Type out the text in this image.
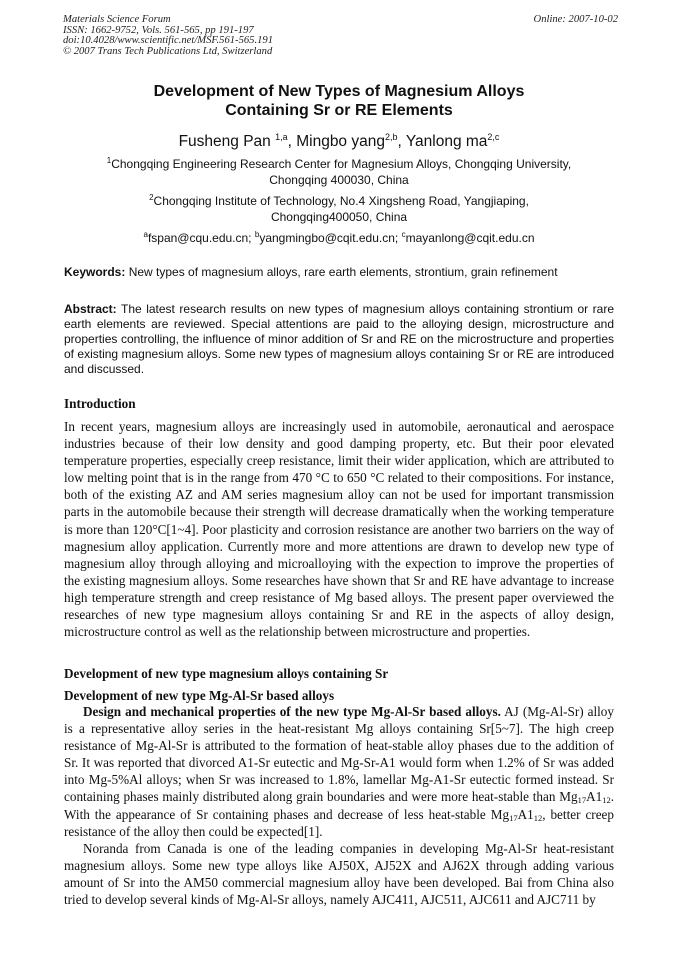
Materials Science Forum
ISSN: 1662-9752, Vols. 561-565, pp 191-197
doi:10.4028/www.scientific.net/MSF.561-565.191
© 2007 Trans Tech Publications Ltd, Switzerland
Online: 2007-10-02
Development of New Types of Magnesium Alloys
Containing Sr or RE Elements
Fusheng Pan $^{1,a}$, Mingbo yang$^{2,b}$, Yanlong ma$^{2,c}$
$^1$Chongqing Engineering Research Center for Magnesium Alloys, Chongqing University,
Chongqing 400030, China
$^2$Chongqing Institute of Technology, No.4 Xingsheng Road, Yangjiaping,
Chongqing400050, China
$^a$fspan@cqu.edu.cn; $^b$yangmingbo@cqit.edu.cn; $^c$mayanlong@cqit.edu.cn
Keywords: New types of magnesium alloys, rare earth elements, strontium, grain refinement
Abstract: The latest research results on new types of magnesium alloys containing strontium or rare earth elements are reviewed. Special attentions are paid to the alloying design, microstructure and properties controlling, the influence of minor addition of Sr and RE on the microstructure and properties of existing magnesium alloys. Some new types of magnesium alloys containing Sr or RE are introduced and discussed.
Introduction

In recent years, magnesium alloys are increasingly used in automobile, aeronautical and aerospace industries because of their low density and good damping property, etc. But their poor elevated temperature properties, especially creep resistance, limit their wider application, which are attributed to low melting point that is in the range from 470 °C to 650 °C related to their compositions. For instance, both of the existing AZ and AM series magnesium alloy can not be used for important transmission parts in the automobile because their strength will decrease dramatically when the working temperature is more than 120°C[1~4]. Poor plasticity and corrosion resistance are another two barriers on the way of magnesium alloy application. Currently more and more attentions are drawn to develop new type of magnesium alloy through alloying and microalloying with the expection to improve the properties of the existing magnesium alloys. Some researches have shown that Sr and RE have advantage to increase high temperature strength and creep resistance of Mg based alloys. The present paper overviewed the researches of new type magnesium alloys containing Sr and RE in the aspects of alloy design, microstructure control as well as the relationship between microstructure and properties.

Development of new type magnesium alloys containing Sr
Development of new type Mg-Al-Sr based alloys

Design and mechanical properties of the new type Mg-Al-Sr based alloys. AJ (Mg-Al-Sr) alloy is a representative alloy series in the heat-resistant Mg alloys containing Sr[5~7]. The high creep resistance of Mg-Al-Sr is attributed to the formation of heat-stable alloy phases due to the addition of Sr. It was reported that divorced A1-Sr eutectic and Mg-Sr-A1 would form when 1.2% of Sr was added into Mg-5%Al alloys; when Sr was increased to 1.8%, lamellar Mg-A1-Sr eutectic formed instead. Sr containing phases mainly distributed along grain boundaries and were more heat-stable than $Mg_{17}A1_{12}$. With the appearance of Sr containing phases and decrease of less heat-stable $Mg_{17}A1_{12}$, better creep resistance of the alloy then could be expected[1].

Noranda from Canada is one of the leading companies in developing Mg-Al-Sr heat-resistant magnesium alloys. Some new type alloys like AJ50X, AJ52X and AJ62X through adding various amount of Sr into the AM50 commercial magnesium alloy have been developed. Bai from China also tried to develop several kinds of Mg-Al-Sr alloys, namely AJC411, AJC511, AJC611 and AJC711 by
